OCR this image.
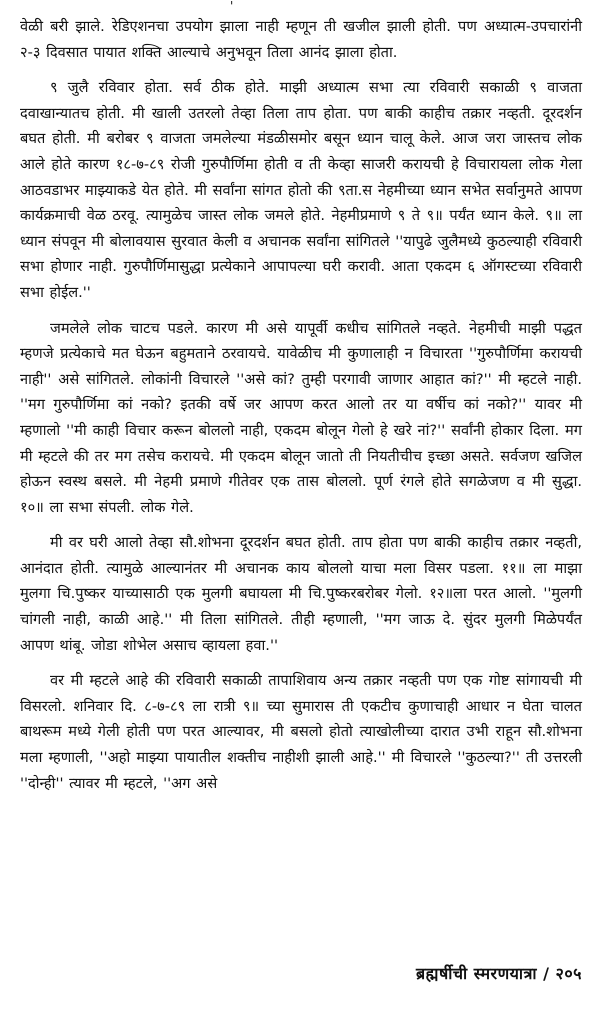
'

वेळी बरी झाले. रेडिएशनचा उपयोग झाला नाही म्हणून ती खजील झाली होती. पण अध्यात्म-उपचारांनी २-३ दिवसात पायात शक्ति आल्याचे अनुभवून तिला आनंद झाला होता.

९ जुलै रविवार होता. सर्व ठीक होते. माझी अध्यात्म सभा त्या रविवारी सकाळी ९ वाजता दवाखान्यातच होती. मी खाली उतरलो तेव्हा तिला ताप होता. पण बाकी काहीच तक्रार नव्हती. दूरदर्शन बघत होती. मी बरोबर ९ वाजता जमलेल्या मंडळीसमोर बसून ध्यान चालू केले. आज जरा जास्तच लोक आले होते कारण १८-७-८९ रोजी गुरुपौर्णिमा होती व ती केव्हा साजरी करायची हे विचारायला लोक गेला आठवडाभर माझ्याकडे येत होते. मी सर्वांना सांगत होतो की ९ता.स नेहमीच्या ध्यान सभेत सर्वानुमते आपण कार्यक्रमाची वेळ ठरवू. त्यामुळेच जास्त लोक जमले होते. नेहमीप्रमाणे ९ ते ९॥ पर्यंत ध्यान केले. ९॥ ला ध्यान संपवून मी बोलावयास सुरवात केली व अचानक सर्वांना सांगितले ''यापुढे जुलैमध्ये कुठल्याही रविवारी सभा होणार नाही. गुरुपौर्णिमासुद्धा प्रत्येकाने आपापल्या घरी करावी. आता एकदम ६ ऑगस्टच्या रविवारी सभा होईल.''

जमलेले लोक चाटच पडले. कारण मी असे यापूर्वी कधीच सांगितले नव्हते. नेहमीची माझी पद्धत म्हणजे प्रत्येकाचे मत घेऊन बहुमताने ठरवायचे. यावेळीच मी कुणालाही न विचारता ''गुरुपौर्णिमा करायची नाही'' असे सांगितले. लोकांनी विचारले ''असे कां? तुम्ही परगावी जाणार आहात कां?'' मी म्हटले नाही. ''मग गुरुपौर्णिमा कां नको? इतकी वर्षे जर आपण करत आलो तर या वर्षीच कां नको?'' यावर मी म्हणालो ''मी काही विचार करून बोललो नाही, एकदम बोलून गेलो हे खरे नां?'' सर्वांनी होकार दिला. मग मी म्हटले की तर मग तसेच करायचे. मी एकदम बोलून जातो ती नियतीचीच इच्छा असते. सर्वजण खजिल होऊन स्वस्थ बसले. मी नेहमी प्रमाणे गीतेवर एक तास बोललो. पूर्ण रंगले होते सगळेजण व मी सुद्धा. १०॥ ला सभा संपली. लोक गेले.

मी वर घरी आलो तेव्हा सौ.शोभना दूरदर्शन बघत होती. ताप होता पण बाकी काहीच तक्रार नव्हती, आनंदात होती. त्यामुळे आल्यानंतर मी अचानक काय बोललो याचा मला विसर पडला. ११॥ ला माझा मुलगा चि.पुष्कर याच्यासाठी एक मुलगी बघायला मी चि.पुष्करबरोबर गेलो. १२॥ला परत आलो. ''मुलगी चांगली नाही, काळी आहे.'' मी तिला सांगितले. तीही म्हणाली, ''मग जाऊ दे. सुंदर मुलगी मिळेपर्यंत आपण थांबू. जोडा शोभेल असाच व्हायला हवा.''

वर मी म्हटले आहे की रविवारी सकाळी तापाशिवाय अन्य तक्रार नव्हती पण एक गोष्ट सांगायची मी विसरलो. शनिवार दि. ८-७-८९ ला रात्री ९॥ च्या सुमारास ती एकटीच कुणाचाही आधार न घेता चालत बाथरूम मध्ये गेली होती पण परत आल्यावर, मी बसलो होतो त्याखोलीच्या दारात उभी राहून सौ.शोभना मला म्हणाली, ''अहो माझ्या पायातील शक्तीच नाहीशी झाली आहे.'' मी विचारले ''कुठल्या?'' ती उत्तरली ''दोन्ही'' त्यावर मी म्हटले, ''अग असे

ब्रह्मर्षीची स्मरणयात्रा / २०५
